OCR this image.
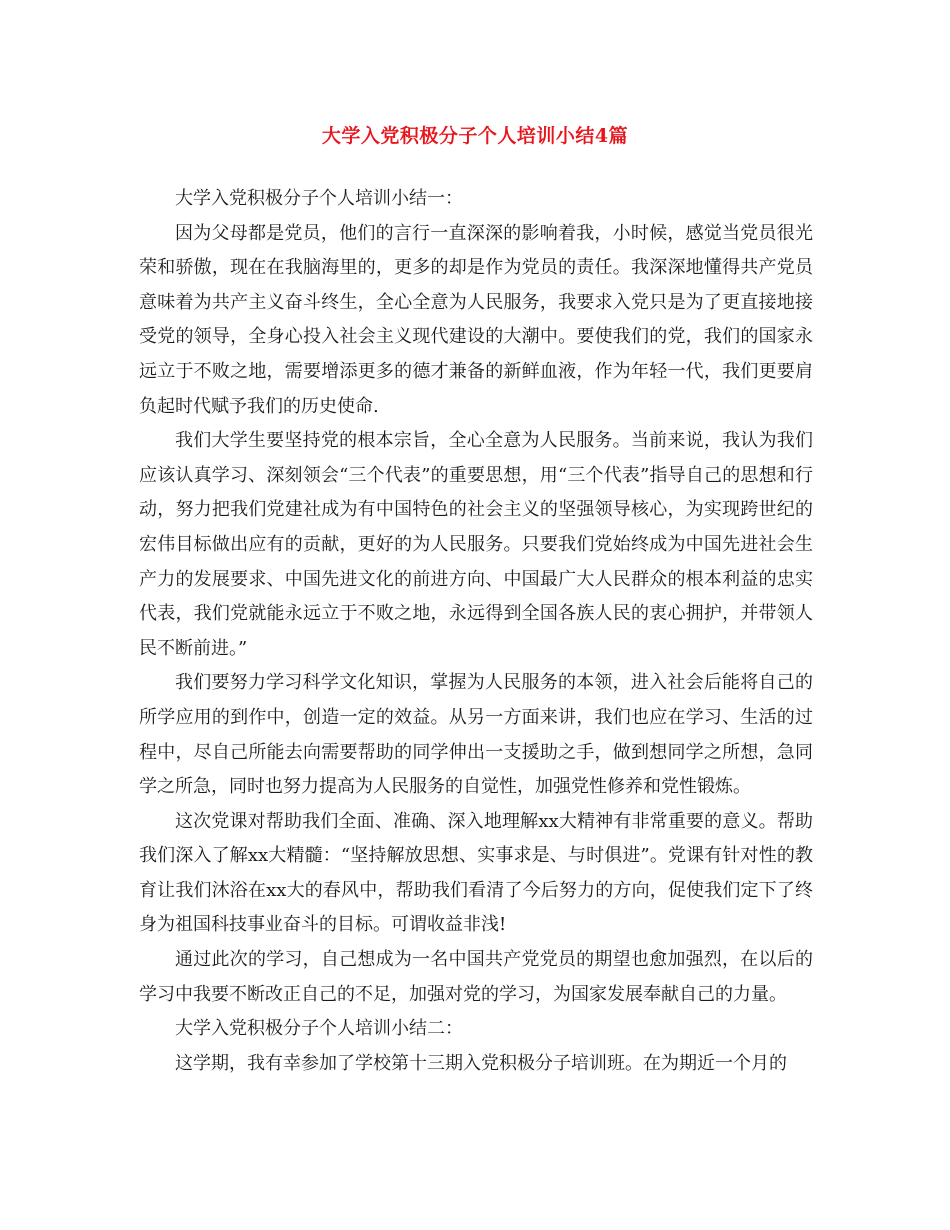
大学入党积极分子个人培训小结4篇

大学入党积极分子个人培训小结一：

因为父母都是党员，他们的言行一直深深的影响着我，小时候，感觉当党员很光荣和骄傲，现在在我脑海里的，更多的却是作为党员的责任。我深深地懂得共产党员意味着为共产主义奋斗终生，全心全意为人民服务，我要求入党只是为了更直接地接受党的领导，全身心投入社会主义现代建设的大潮中。要使我们的党，我们的国家永远立于不败之地，需要增添更多的德才兼备的新鲜血液，作为年轻一代，我们更要肩负起时代赋予我们的历史使命.

我们大学生要坚持党的根本宗旨，全心全意为人民服务。当前来说，我认为我们应该认真学习、深刻领会“三个代表”的重要思想，用“三个代表”指导自己的思想和行动，努力把我们党建社成为有中国特色的社会主义的坚强领导核心，为实现跨世纪的宏伟目标做出应有的贡献，更好的为人民服务。只要我们党始终成为中国先进社会生产力的发展要求、中国先进文化的前进方向、中国最广大人民群众的根本利益的忠实代表，我们党就能永远立于不败之地，永远得到全国各族人民的衷心拥护，并带领人民不断前进。”

我们要努力学习科学文化知识，掌握为人民服务的本领，进入社会后能将自己的所学应用的到作中，创造一定的效益。从另一方面来讲，我们也应在学习、生活的过程中，尽自己所能去向需要帮助的同学伸出一支援助之手，做到想同学之所想，急同学之所急，同时也努力提高为人民服务的自觉性，加强党性修养和党性锻炼。

这次党课对帮助我们全面、准确、深入地理解xx大精神有非常重要的意义。帮助我们深入了解xx大精髓：“坚持解放思想、实事求是、与时俱进”。党课有针对性的教育让我们沐浴在xx大的春风中，帮助我们看清了今后努力的方向，促使我们定下了终身为祖国科技事业奋斗的目标。可谓收益非浅!

通过此次的学习，自己想成为一名中国共产党党员的期望也愈加强烈，在以后的学习中我要不断改正自己的不足，加强对党的学习，为国家发展奉献自己的力量。

大学入党积极分子个人培训小结二：

这学期，我有幸参加了学校第十三期入党积极分子培训班。在为期近一个月的
